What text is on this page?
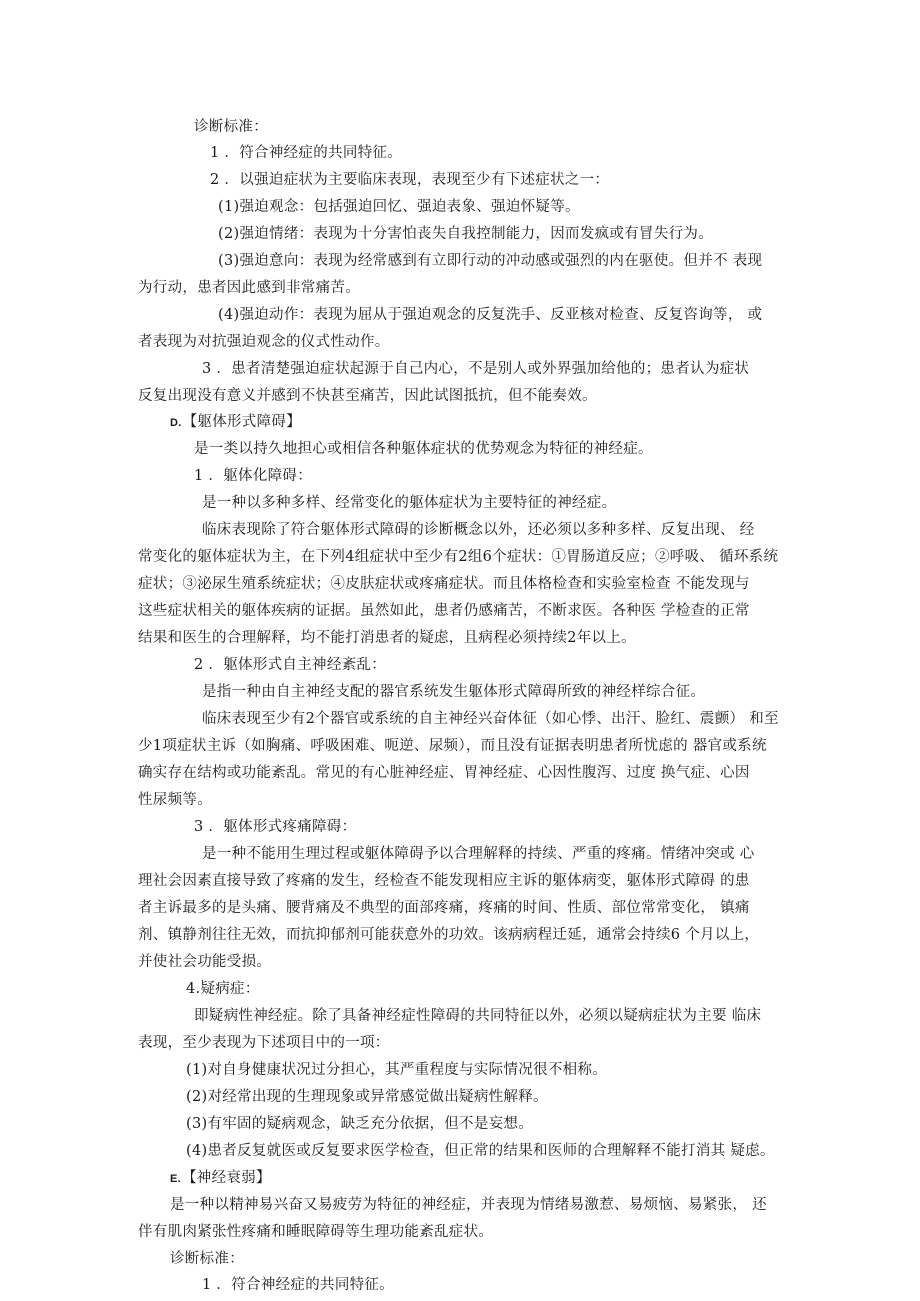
诊断标准：
1 ．符合神经症的共同特征。
2 ．以强迫症状为主要临床表现，表现至少有下述症状之一：
(1)强迫观念：包括强迫回忆、强迫表象、强迫怀疑等。
(2)强迫情绪：表现为十分害怕丧失自我控制能力，因而发疯或有冒失行为。
(3)强迫意向：表现为经常感到有立即行动的冲动感或强烈的内在驱使。但并不 表现
为行动，患者因此感到非常痛苦。
(4)强迫动作：表现为屈从于强迫观念的反复洗手、反亚核对检查、反复咨询等， 或
者表现为对抗强迫观念的仪式性动作。
3 ．患者清楚强迫症状起源于自己内心，不是别人或外界强加给他的；患者认为症状
反复出现没有意义并感到不快甚至痛苦，因此试图抵抗，但不能奏效。
D.【躯体形式障碍】
是一类以持久地担心或相信各种躯体症状的优势观念为特征的神经症。
1 ．躯体化障碍：
是一种以多种多样、经常变化的躯体症状为主要特征的神经症。
临床表现除了符合躯体形式障碍的诊断概念以外，还必须以多种多样、反复出现、 经
常变化的躯体症状为主，在下列4组症状中至少有2组6个症状：①胃肠道反应；②呼吸、 循环系统
症状；③泌尿生殖系统症状；④皮肤症状或疼痛症状。而且体格检查和实验室检查 不能发现与
这些症状相关的躯体疾病的证据。虽然如此，患者仍感痛苦，不断求医。各种医 学检查的正常
结果和医生的合理解释，均不能打消患者的疑虑，且病程必须持续2年以上。
2 ．躯体形式自主神经紊乱：
是指一种由自主神经支配的器官系统发生躯体形式障碍所致的神经样综合征。
临床表现至少有2个器官或系统的自主神经兴奋体征（如心悸、出汗、脸红、震颤） 和至
少1项症状主诉（如胸痛、呼吸困难、呃逆、尿频），而且没有证据表明患者所忧虑的 器官或系统
确实存在结构或功能紊乱。常见的有心脏神经症、胃神经症、心因性腹泻、过度 换气症、心因
性尿频等。
3 ．躯体形式疼痛障碍：
是一种不能用生理过程或躯体障碍予以合理解释的持续、严重的疼痛。情绪冲突或 心
理社会因素直接导致了疼痛的发生，经检查不能发现相应主诉的躯体病变，躯体形式障碍 的患
者主诉最多的是头痛、腰背痛及不典型的面部疼痛，疼痛的时间、性质、部位常常变化， 镇痛
剂、镇静剂往往无效，而抗抑郁剂可能获意外的功效。该病病程迁延，通常会持续6 个月以上，
并使社会功能受损。
4.疑病症：
即疑病性神经症。除了具备神经症性障碍的共同特征以外，必须以疑病症状为主要 临床
表现，至少表现为下述项目中的一项：
(1)对自身健康状况过分担心，其严重程度与实际情况很不相称。
(2)对经常出现的生理现象或异常感觉做出疑病性解释。
(3)有牢固的疑病观念，缺乏充分依据，但不是妄想。
(4)患者反复就医或反复要求医学检查，但正常的结果和医师的合理解释不能打消其 疑虑。
E.【神经衰弱】
是一种以精神易兴奋又易疲劳为特征的神经症，并表现为情绪易激惹、易烦恼、易紧张， 还
伴有肌肉紧张性疼痛和睡眠障碍等生理功能紊乱症状。
诊断标准：
1 ．符合神经症的共同特征。
